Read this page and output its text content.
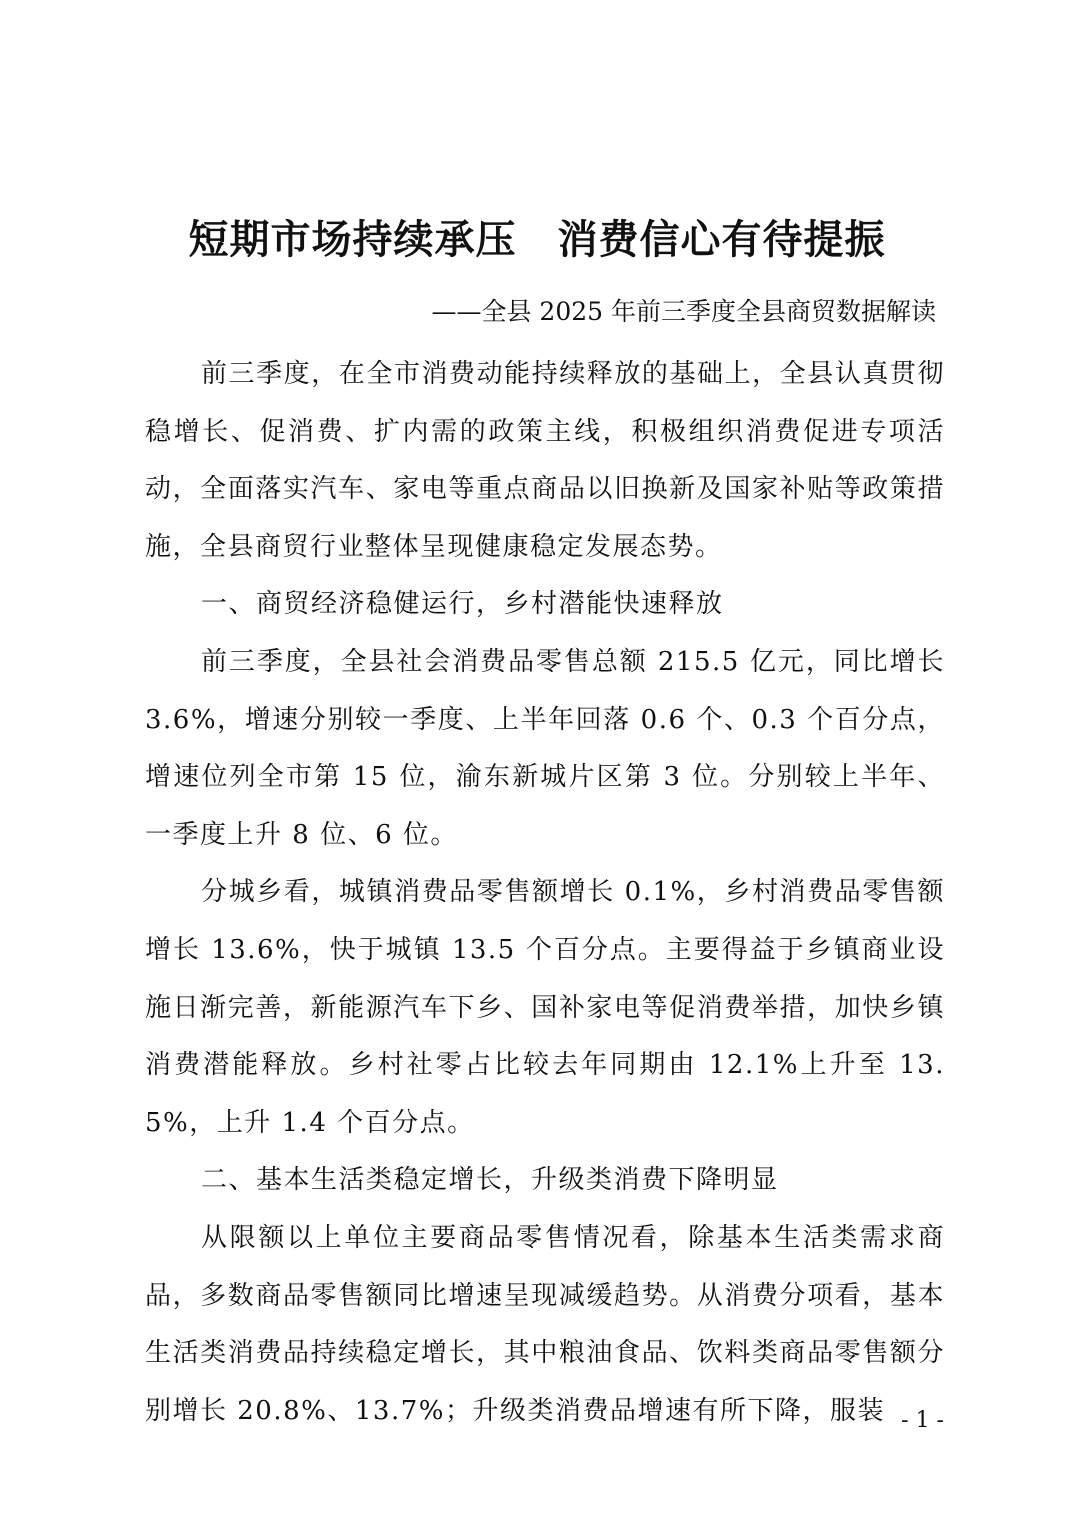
短期市场持续承压　消费信心有待提振

——全县 2025 年前三季度全县商贸数据解读

前三季度，在全市消费动能持续释放的基础上，全县认真贯彻稳增长、促消费、扩内需的政策主线，积极组织消费促进专项活动，全面落实汽车、家电等重点商品以旧换新及国家补贴等政策措施，全县商贸行业整体呈现健康稳定发展态势。

一、商贸经济稳健运行，乡村潜能快速释放

前三季度，全县社会消费品零售总额 215.5 亿元，同比增长 3.6%，增速分别较一季度、上半年回落 0.6 个、0.3 个百分点，增速位列全市第 15 位，渝东新城片区第 3 位。分别较上半年、一季度上升 8 位、6 位。

分城乡看，城镇消费品零售额增长 0.1%，乡村消费品零售额增长 13.6%，快于城镇 13.5 个百分点。主要得益于乡镇商业设施日渐完善，新能源汽车下乡、国补家电等促消费举措，加快乡镇消费潜能释放。乡村社零占比较去年同期由 12.1%上升至 13.5%，上升 1.4 个百分点。

二、基本生活类稳定增长，升级类消费下降明显

从限额以上单位主要商品零售情况看，除基本生活类需求商品，多数商品零售额同比增速呈现减缓趋势。从消费分项看，基本生活类消费品持续稳定增长，其中粮油食品、饮料类商品零售额分别增长 20.8%、13.7%；升级类消费品增速有所下降，服装 - 1 -
